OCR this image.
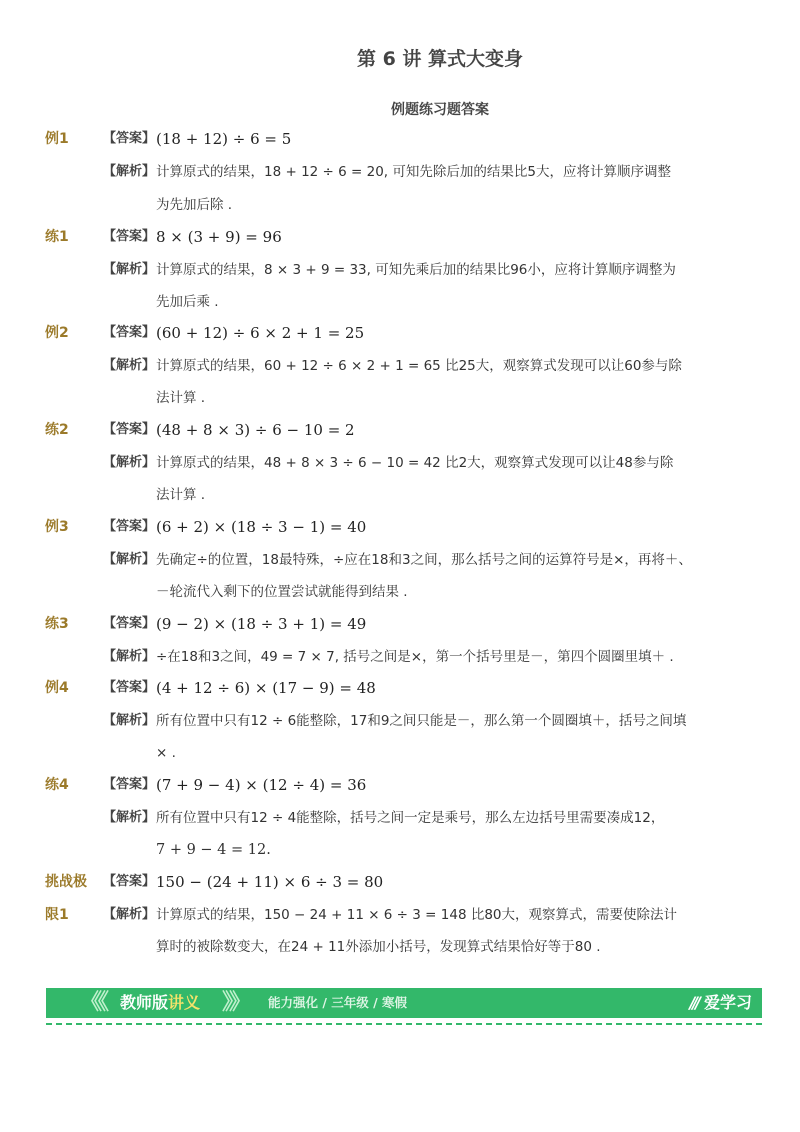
第 6 讲 算式大变身
例题练习题答案
例1	【答案】 (18 + 12) ÷ 6 = 5
【解析】 计算原式的结果，18 + 12 ÷ 6 = 20, 可知先除后加的结果比5大，应将计算顺序调整
为先加后除 .
练1	【答案】 8 × (3 + 9) = 96
【解析】 计算原式的结果，8 × 3 + 9 = 33, 可知先乘后加的结果比96小，应将计算顺序调整为
先加后乘 .
例2	【答案】 (60 + 12) ÷ 6 × 2 + 1 = 25
【解析】 计算原式的结果，60 + 12 ÷ 6 × 2 + 1 = 65 比25大，观察算式发现可以让60参与除
法计算 .
练2	【答案】 (48 + 8 × 3) ÷ 6 − 10 = 2
【解析】 计算原式的结果，48 + 8 × 3 ÷ 6 − 10 = 42 比2大，观察算式发现可以让48参与除
法计算 .
例3	【答案】 (6 + 2) × (18 ÷ 3 − 1) = 40
【解析】 先确定÷的位置，18最特殊，÷应在18和3之间，那么括号之间的运算符号是×，再将＋、
－轮流代入剩下的位置尝试就能得到结果 .
练3	【答案】 (9 − 2) × (18 ÷ 3 + 1) = 49
【解析】 ÷在18和3之间，49 = 7 × 7, 括号之间是×，第一个括号里是－，第四个圆圈里填＋ .
例4	【答案】 (4 + 12 ÷ 6) × (17 − 9) = 48
【解析】 所有位置中只有12 ÷ 6能整除，17和9之间只能是－，那么第一个圆圈填＋，括号之间填
× .
练4	【答案】 (7 + 9 − 4) × (12 ÷ 4) = 36
【解析】 所有位置中只有12 ÷ 4能整除，括号之间一定是乘号，那么左边括号里需要凑成12，
7 + 9 − 4 = 12.
挑战极 【答案】 150 − (24 + 11) × 6 ÷ 3 = 80
限1	【解析】 计算原式的结果，150 − 24 + 11 × 6 ÷ 3 = 148 比80大，观察算式，需要使除法计
算时的被除数变大，在24 + 11外添加小括号，发现算式结果恰好等于80 .
《《 教师版讲义 》》 能力强化 / 三年级 / 寒假	/// 爱学习
